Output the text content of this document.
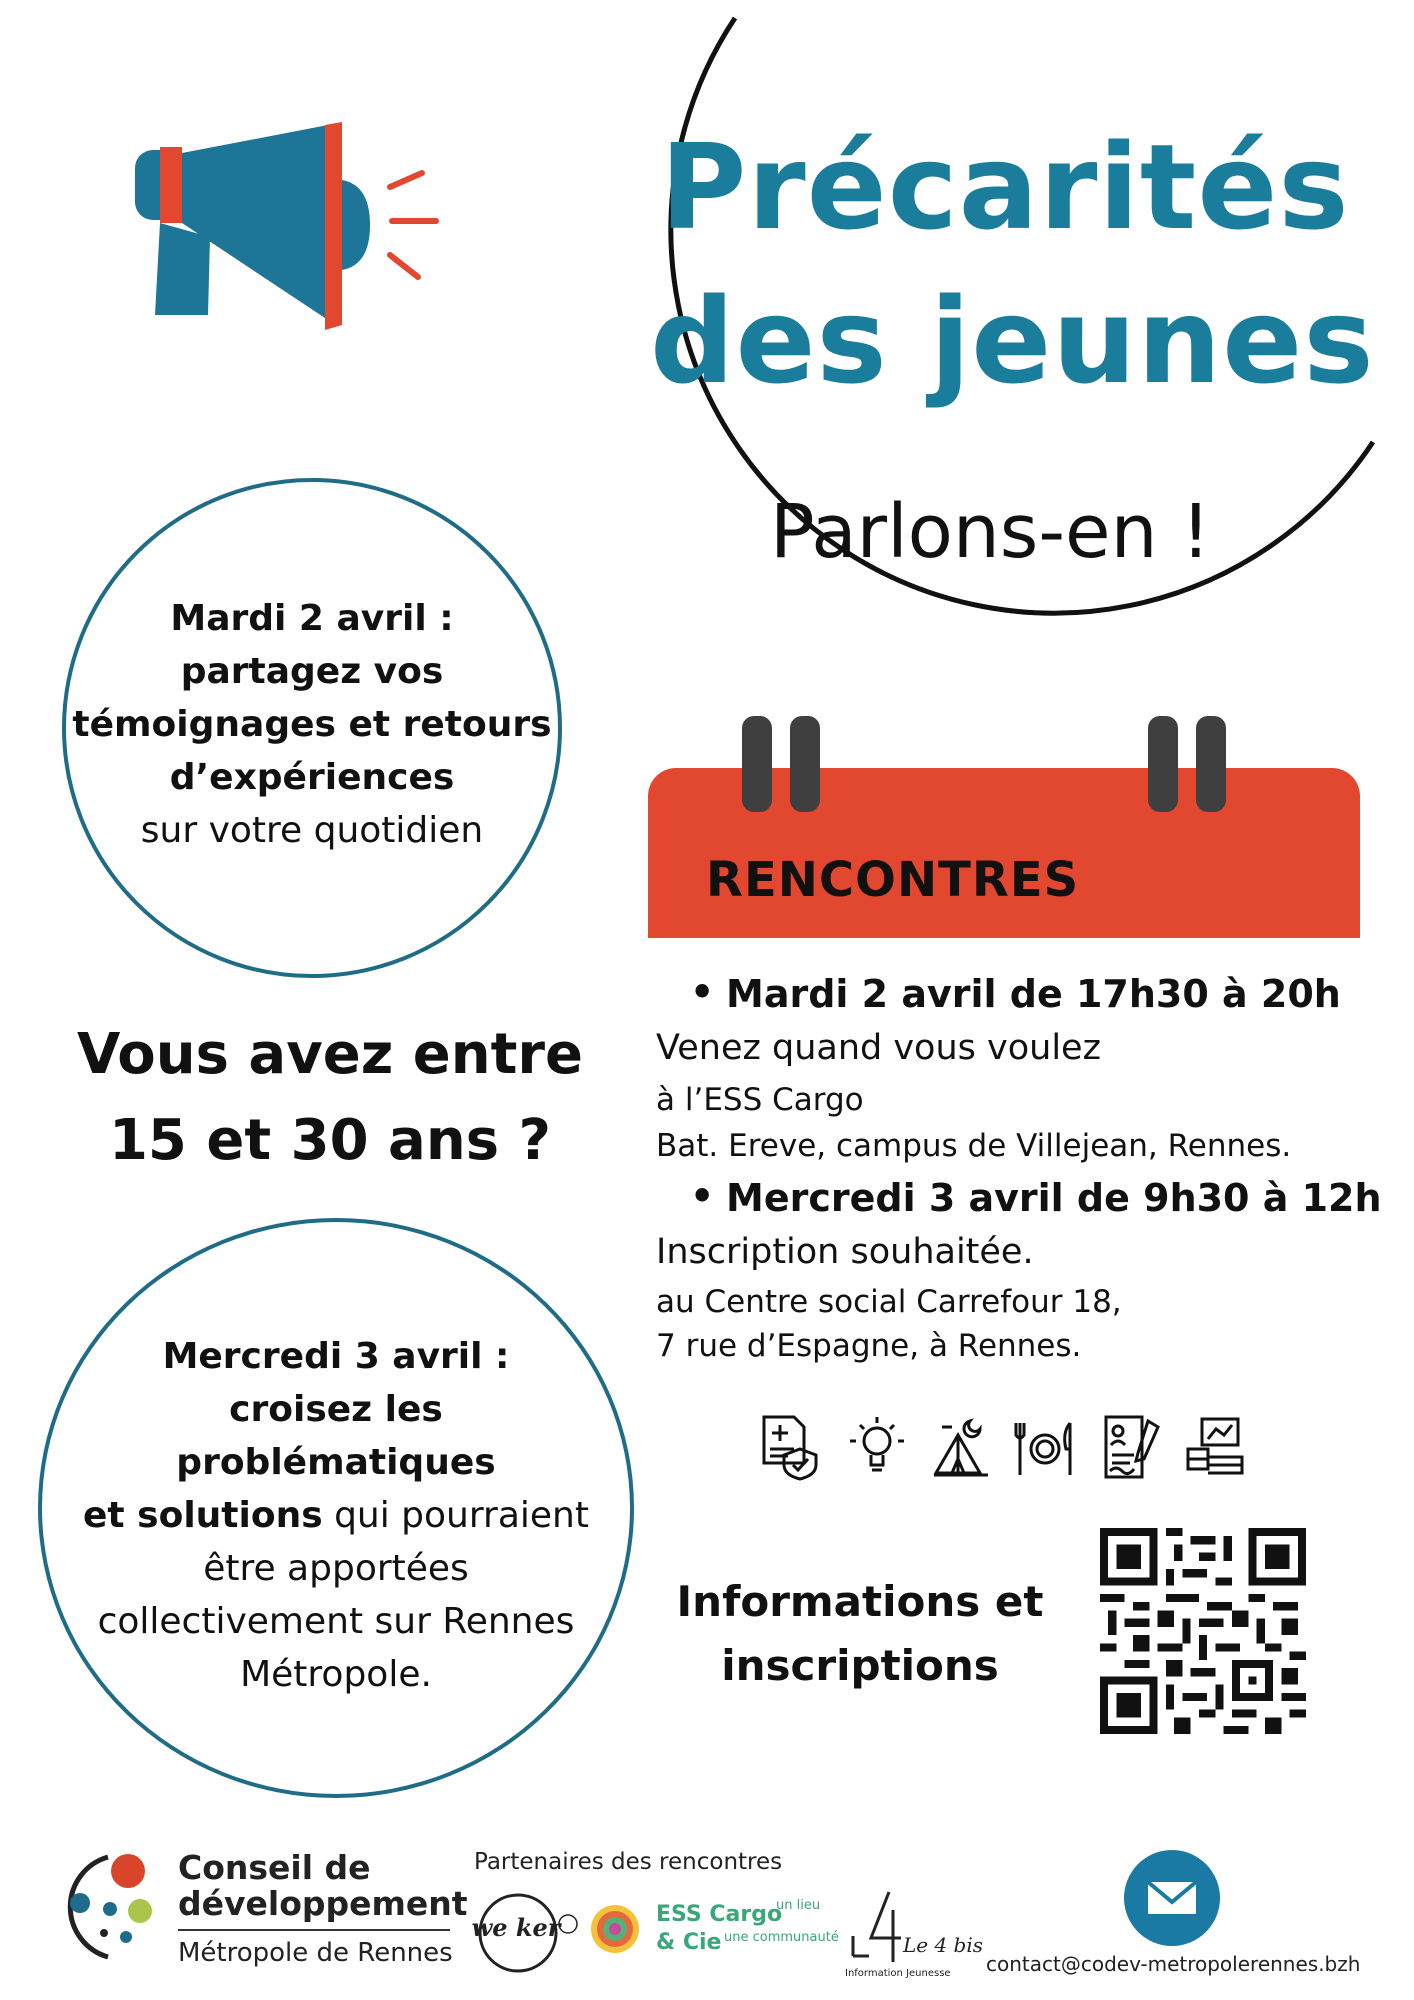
Précarités
des jeunes
Parlons-en !
Mardi 2 avril :
partagez vos
témoignages et retours
d’expériences
sur votre quotidien
Vous avez entre
15 et 30 ans ?
Mercredi 3 avril :
croisez les
problématiques
et solutions qui pourraient
être apportées
collectivement sur Rennes
Métropole.
RENCONTRES
• Mardi 2 avril de 17h30 à 20h
Venez quand vous voulez
à l’ESS Cargo
Bat. Ereve, campus de Villejean, Rennes.
• Mercredi 3 avril de 9h30 à 12h
Inscription souhaitée.
au Centre social Carrefour 18,
7 rue d’Espagne, à Rennes.
Informations et
inscriptions
Conseil de
développement
Métropole de Rennes
Partenaires des rencontres
we ker	ESS Cargo
un lieu
& Cie une communauté	Le 4 bis
Information Jeunesse contact@codev-metropolerennes.bzh
